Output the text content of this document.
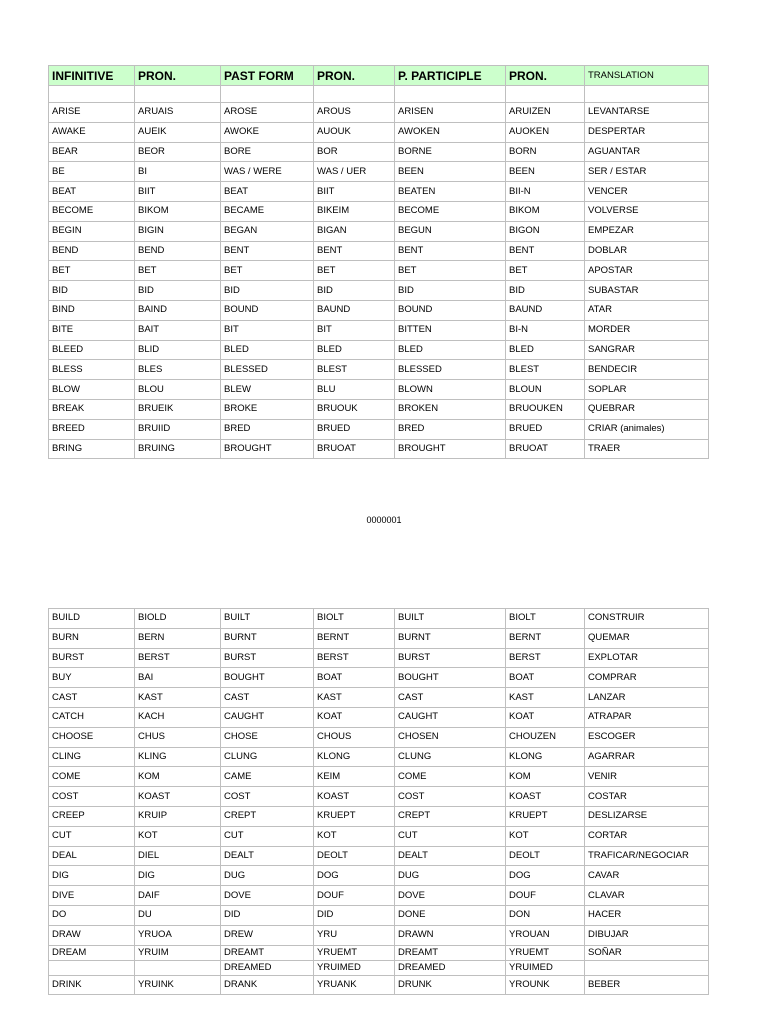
INFINITIVE	PRON.	PAST FORM	PRON.	P. PARTICIPLE	PRON.	TRANSLATION

ARISE	ARUAIS	AROSE	AROUS	ARISEN	ARUIZEN	LEVANTARSE
AWAKE	AUEIK	AWOKE	AUOUK	AWOKEN	AUOKEN	DESPERTAR
BEAR	BEOR	BORE	BOR	BORNE	BORN	AGUANTAR
BE	BI	WAS / WERE	WAS / UER	BEEN	BEEN	SER / ESTAR
BEAT	BIIT	BEAT	BIIT	BEATEN	BII-N	VENCER
BECOME	BIKOM	BECAME	BIKEIM	BECOME	BIKOM	VOLVERSE
BEGIN	BIGIN	BEGAN	BIGAN	BEGUN	BIGON	EMPEZAR
BEND	BEND	BENT	BENT	BENT	BENT	DOBLAR
BET	BET	BET	BET	BET	BET	APOSTAR
BID	BID	BID	BID	BID	BID	SUBASTAR
BIND	BAIND	BOUND	BAUND	BOUND	BAUND	ATAR
BITE	BAIT	BIT	BIT	BITTEN	BI-N	MORDER
BLEED	BLID	BLED	BLED	BLED	BLED	SANGRAR
BLESS	BLES	BLESSED	BLEST	BLESSED	BLEST	BENDECIR
BLOW	BLOU	BLEW	BLU	BLOWN	BLOUN	SOPLAR
BREAK	BRUEIK	BROKE	BRUOUK	BROKEN	BRUOUKEN	QUEBRAR
BREED	BRUIID	BRED	BRUED	BRED	BRUED	CRIAR (animales)
BRING	BRUING	BROUGHT	BRUOAT	BROUGHT	BRUOAT	TRAER
0000001
BUILD	BIOLD	BUILT	BIOLT	BUILT	BIOLT	CONSTRUIR
BURN	BERN	BURNT	BERNT	BURNT	BERNT	QUEMAR
BURST	BERST	BURST	BERST	BURST	BERST	EXPLOTAR
BUY	BAI	BOUGHT	BOAT	BOUGHT	BOAT	COMPRAR
CAST	KAST	CAST	KAST	CAST	KAST	LANZAR
CATCH	KACH	CAUGHT	KOAT	CAUGHT	KOAT	ATRAPAR
CHOOSE	CHUS	CHOSE	CHOUS	CHOSEN	CHOUZEN	ESCOGER
CLING	KLING	CLUNG	KLONG	CLUNG	KLONG	AGARRAR
COME	KOM	CAME	KEIM	COME	KOM	VENIR
COST	KOAST	COST	KOAST	COST	KOAST	COSTAR
CREEP	KRUIP	CREPT	KRUEPT	CREPT	KRUEPT	DESLIZARSE
CUT	KOT	CUT	KOT	CUT	KOT	CORTAR
DEAL	DIEL	DEALT	DEOLT	DEALT	DEOLT	TRAFICAR/NEGOCIAR
DIG	DIG	DUG	DOG	DUG	DOG	CAVAR
DIVE	DAIF	DOVE	DOUF	DOVE	DOUF	CLAVAR
DO	DU	DID	DID	DONE	DON	HACER
DRAW	YRUOA	DREW	YRU	DRAWN	YROUAN	DIBUJAR
DREAM	YRUIM	DREAMT	YRUEMT	DREAMT	YRUEMT	SOÑAR
		DREAMED	YRUIMED	DREAMED	YRUIMED	
DRINK	YRUINK	DRANK	YRUANK	DRUNK	YROUNK	BEBER
